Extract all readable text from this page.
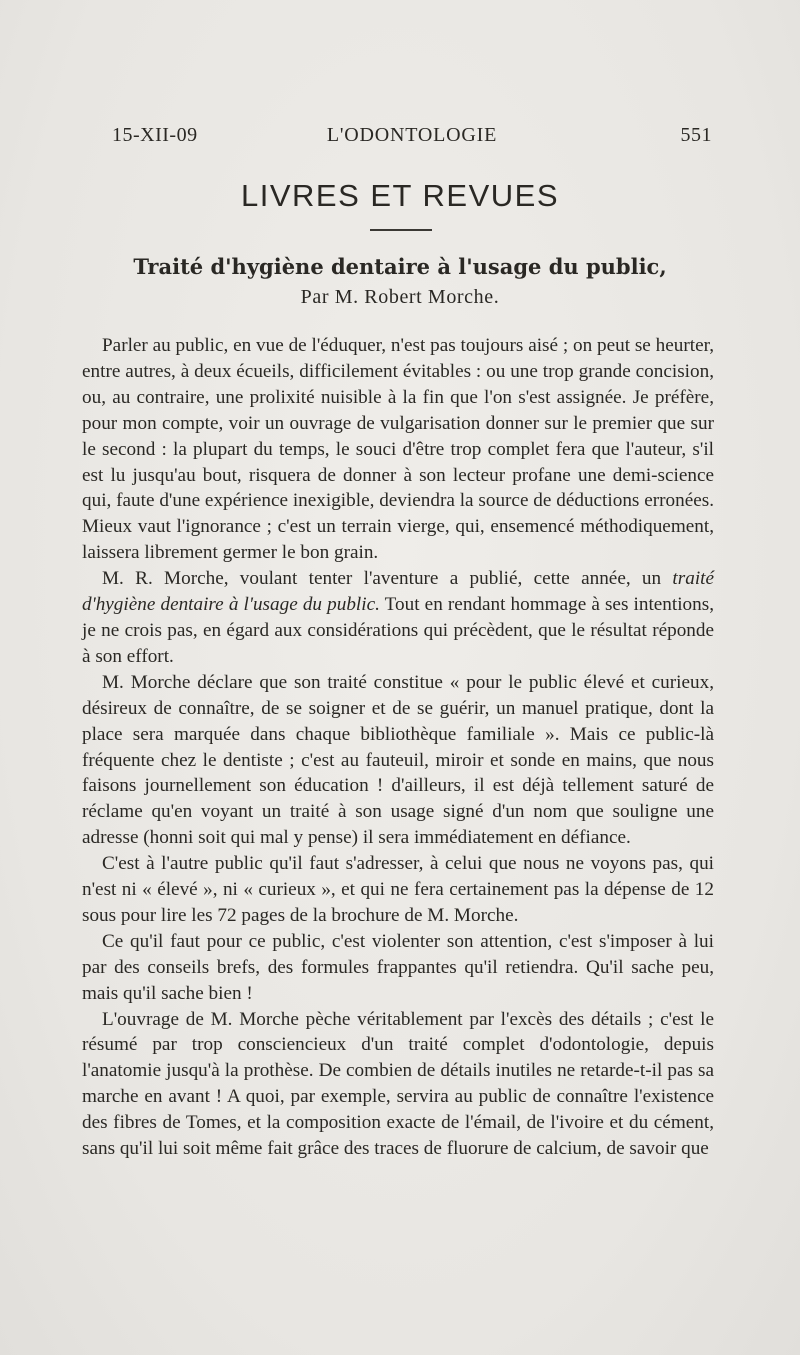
15-XII-09	L'ODONTOLOGIE	551
LIVRES ET REVUES
Traité d'hygiène dentaire à l'usage du public,
Par M. Robert Morche.

Parler au public, en vue de l'éduquer, n'est pas toujours aisé ; on peut se heurter, entre autres, à deux écueils, difficilement évitables : ou une trop grande concision, ou, au contraire, une prolixité nuisible à la fin que l'on s'est assignée. Je préfère, pour mon compte, voir un ouvrage de vulgarisation donner sur le premier que sur le second : la plupart du temps, le souci d'être trop complet fera que l'auteur, s'il est lu jusqu'au bout, risquera de donner à son lecteur profane une demi-science qui, faute d'une expérience inexigible, deviendra la source de déductions erronées. Mieux vaut l'ignorance ; c'est un terrain vierge, qui, ensemencé méthodiquement, laissera librement germer le bon grain.

M. R. Morche, voulant tenter l'aventure a publié, cette année, un traité d'hygiène dentaire à l'usage du public. Tout en rendant hommage à ses intentions, je ne crois pas, en égard aux considérations qui précèdent, que le résultat réponde à son effort.

M. Morche déclare que son traité constitue « pour le public élevé et curieux, désireux de connaître, de se soigner et de se guérir, un manuel pratique, dont la place sera marquée dans chaque bibliothèque familiale ». Mais ce public-là fréquente chez le dentiste ; c'est au fauteuil, miroir et sonde en mains, que nous faisons journellement son éducation ! d'ailleurs, il est déjà tellement saturé de réclame qu'en voyant un traité à son usage signé d'un nom que souligne une adresse (honni soit qui mal y pense) il sera immédiatement en défiance.

C'est à l'autre public qu'il faut s'adresser, à celui que nous ne voyons pas, qui n'est ni « élevé », ni « curieux », et qui ne fera certainement pas la dépense de 12 sous pour lire les 72 pages de la brochure de M. Morche.

Ce qu'il faut pour ce public, c'est violenter son attention, c'est s'imposer à lui par des conseils brefs, des formules frappantes qu'il retiendra. Qu'il sache peu, mais qu'il sache bien !

L'ouvrage de M. Morche pèche véritablement par l'excès des détails ; c'est le résumé par trop consciencieux d'un traité complet d'odontologie, depuis l'anatomie jusqu'à la prothèse. De combien de détails inutiles ne retarde-t-il pas sa marche en avant ! A quoi, par exemple, servira au public de connaître l'existence des fibres de Tomes, et la composition exacte de l'émail, de l'ivoire et du cément, sans qu'il lui soit même fait grâce des traces de fluorure de calcium, de savoir que
